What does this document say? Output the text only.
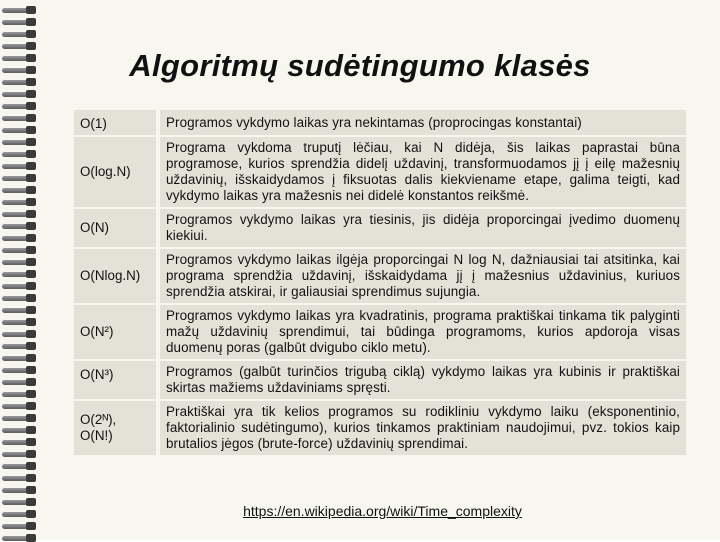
Algoritmų sudėtingumo klasės
O(1)	Programos vykdymo laikas yra nekintamas (proprocingas konstantai)
O(log.N)	Programa vykdoma truputį lėčiau, kai N didėja, šis laikas paprastai būna programose, kurios sprendžia didelį uždavinį, transformuodamos jį į eilę mažesnių uždavinių, išskaidydamos į fiksuotas dalis kiekviename etape, galima teigti, kad vykdymo laikas yra mažesnis nei didelė konstantos reikšmė.
O(N)	Programos vykdymo laikas yra tiesinis, jis didėja proporcingai įvedimo duomenų kiekiui.
O(Nlog.N)	Programos vykdymo laikas ilgėja proporcingai N log N, dažniausiai tai atsitinka, kai programa sprendžia uždavinį, išskaidydama jį į mažesnius uždavinius, kuriuos sprendžia atskirai, ir galiausiai sprendimus sujungia.
O(N²)	Programos vykdymo laikas yra kvadratinis, programa praktiškai tinkama tik palyginti mažų uždavinių sprendimui, tai būdinga programoms, kurios apdoroja visas duomenų poras (galbūt dvigubo ciklo metu).
O(N³)	Programos (galbūt turinčios trigubą ciklą) vykdymo laikas yra kubinis ir praktiškai skirtas mažiems uždaviniams spręsti.
O(2ᴺ), O(N!)	Praktiškai yra tik kelios programos su rodikliniu vykdymo laiku (eksponentinio, faktorialinio sudėtingumo), kurios tinkamos praktiniam naudojimui, pvz. tokios kaip brutalios jėgos (brute-force) uždavinių sprendimai.
https://en.wikipedia.org/wiki/Time_complexity
